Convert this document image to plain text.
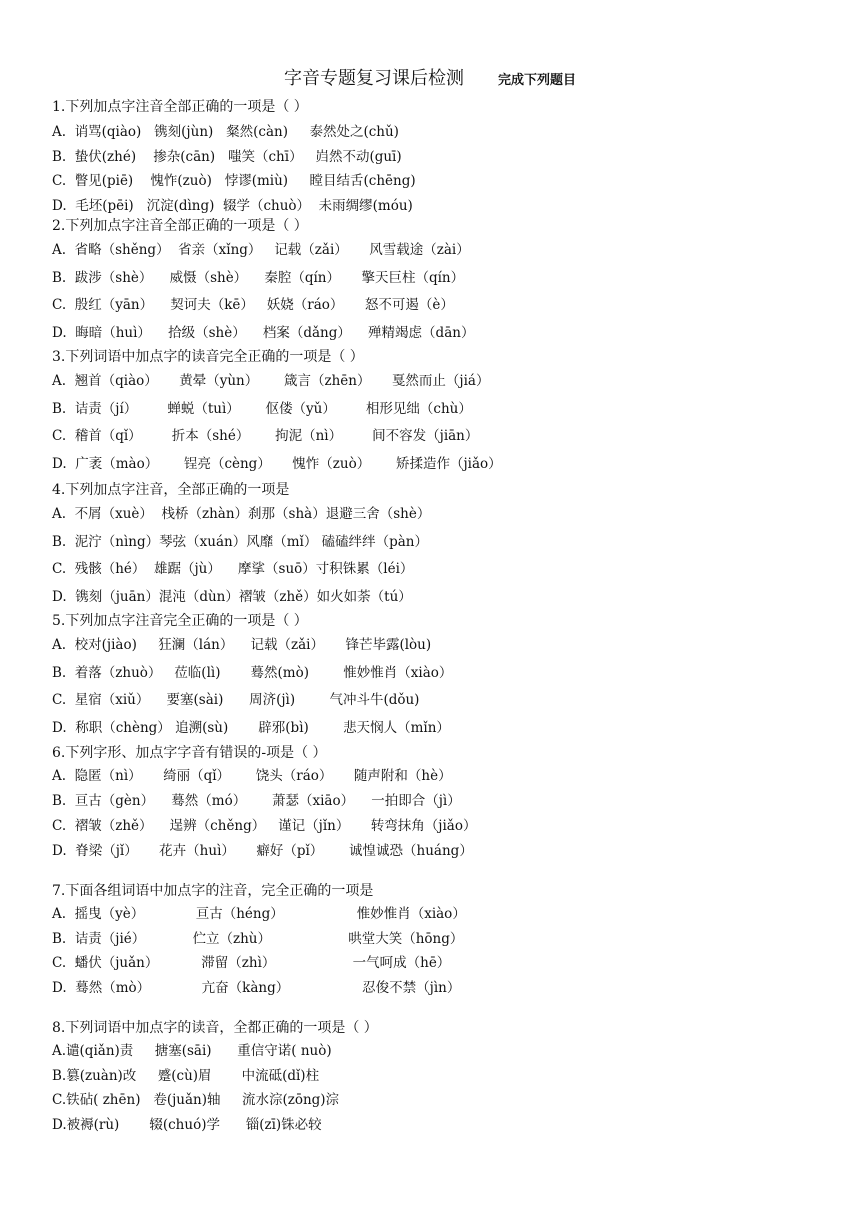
字音专题复习课后检测	完成下列题目
1.下列加点字注音全部正确的一项是（ ）
A.  诮骂(qiào)   镌刻(jùn)   粲然(càn)     泰然处之(chǔ)
B.  蛰伏(zhé)    掺杂(cān)   嗤笑（chī）   岿然不动(guī)
C.  瞥见(piē)    愧怍(zuò)   悖谬(miù)     瞠目结舌(chēng)
D.  毛坯(pēi)   沉淀(dìng)  辍学（chuò）  未雨绸缪(móu)
2.下列加点字注音全部正确的一项是（ ）
A.  省略（shěng）  省亲（xǐng）   记载（zǎi）     风雪载途（zài）
B.  跋涉（shè）    威慑（shè）    秦腔（qín）     擎天巨柱（qín）
C.  殷红（yān）    契诃夫（kē）   妖娆（ráo）     怒不可遏（è）
D.  晦暗（huì）    拾级（shè）    档案（dǎng）    殚精竭虑（dān）
3.下列词语中加点字的读音完全正确的一项是（ ）
A.  翘首（qiào）     黄晕（yùn）      箴言（zhēn）     戛然而止（jiá）
B.  诘责（jí）       蝉蜕（tuì）      伛偻（yǔ）       相形见绌（chù）
C.  稽首（qǐ）       折本（shé）      拘泥（nì）       间不容发（jiān）
D.  广袤（mào）      锃亮（cèng）     愧怍（zuò）      矫揉造作（jiǎo）
4.下列加点字注音，全部正确的一项是
A.  不屑（xuè）  栈桥（zhàn）刹那（shà）退避三舍（shè）
B.  泥泞（nìng）琴弦（xuán）风靡（mǐ） 磕磕绊绊（pàn）
C.  残骸（hé）  雄踞（jù）    摩挲（suō）寸积铢累（léi）
D.  镌刻（juān）混沌（dùn）褶皱（zhě）如火如荼（tú）
5.下列加点字注音完全正确的一项是（ ）
A.  校对(jiào)     狂澜（lán）    记载（zǎi）     锋芒毕露(lòu)
B.  着落（zhuò）   莅临(lì)       蓦然(mò)        惟妙惟肖（xiào）
C.  星宿（xiǔ）    要塞(sài)      周济(jì)        气冲斗牛(dǒu)
D.  称职（chèng） 追溯(sù)       辟邪(bì)        悲天悯人（mǐn）
6.下列字形、加点字字音有错误的-项是（ ）
A.  隐匿（nì）     绮丽（qǐ）      饶头（ráo）     随声附和（hè）
B.  亘古（gèn）    蓦然（mó）      萧瑟（xiāo）    一拍即合（jì）
C.  褶皱（zhě）    逞辨（chěng）   谨记（jǐn）     转弯抹角（jiǎo）
D.  脊梁（jǐ）     花卉（huì）     癖好（pǐ）      诚惶诚恐（huáng）
7.下面各组词语中加点字的注音，完全正确的一项是
A.  摇曳（yè）            亘古（héng）                 惟妙惟肖（xiào）
B.  诘责（jié）           伫立（zhù）                  哄堂大笑（hōng）
C.  蟠伏（juǎn）          滞留（zhì）                  一气呵成（hē）
D.  蓦然（mò）            亢奋（kàng）                 忍俊不禁（jìn）
8.下列词语中加点字的读音，全都正确的一项是（ ）
A.谴(qiǎn)责     搪塞(sāi)      重信守诺( nuò)
B.篡(zuàn)改     蹙(cù)眉       中流砥(dǐ)柱
C.铁砧( zhēn)   卷(juǎn)轴     流水淙(zōng)淙
D.被褥(rù)       辍(chuó)学      锱(zī)铢必较
